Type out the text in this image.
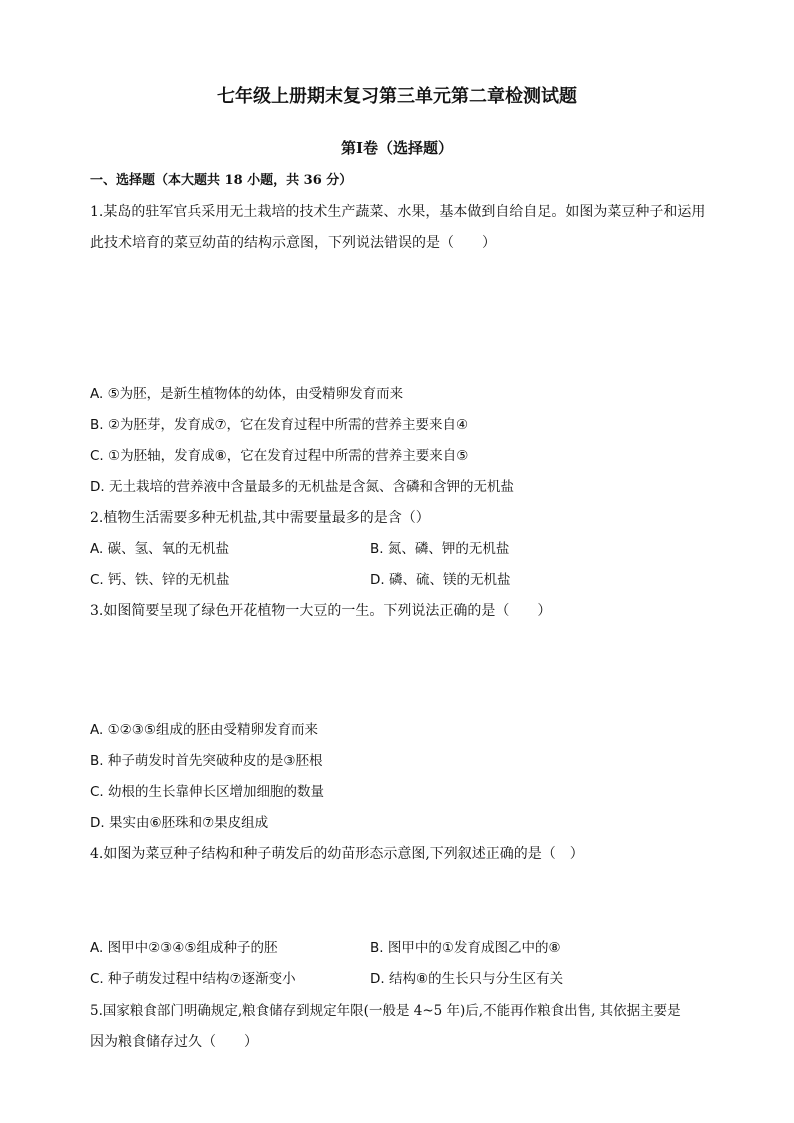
七年级上册期末复习第三单元第二章检测试题
第Ⅰ卷（选择题）
一、选择题（本大题共 18 小题，共 36 分）
1.某岛的驻军官兵采用无土栽培的技术生产蔬菜、水果，基本做到自给自足。如图为菜豆种子和运用
此技术培育的菜豆幼苗的结构示意图，下列说法错误的是（　　）
A. ⑤为胚，是新生植物体的幼体，由受精卵发育而来
B. ②为胚芽，发育成⑦，它在发育过程中所需的营养主要来自④
C. ①为胚轴，发育成⑧，它在发育过程中所需的营养主要来自⑤
D. 无土栽培的营养液中含量最多的无机盐是含氮、含磷和含钾的无机盐
2.植物生活需要多种无机盐,其中需要量最多的是含（）
A. 碳、氢、氧的无机盐	B. 氮、磷、钾的无机盐
C. 钙、铁、锌的无机盐	D. 磷、硫、镁的无机盐
3.如图简要呈现了绿色开花植物一大豆的一生。下列说法正确的是（　　）
A. ①②③⑤组成的胚由受精卵发育而来
B. 种子萌发时首先突破种皮的是③胚根
C. 幼根的生长靠伸长区增加细胞的数量
D. 果实由⑥胚珠和⑦果皮组成
4.如图为菜豆种子结构和种子萌发后的幼苗形态示意图,下列叙述正确的是（　）
A. 图甲中②③④⑤组成种子的胚	B. 图甲中的①发育成图乙中的⑧
C. 种子萌发过程中结构⑦逐渐变小	D. 结构⑧的生长只与分生区有关
5.国家粮食部门明确规定,粮食储存到规定年限(一般是 4~5 年)后,不能再作粮食出售, 其依据主要是
因为粮食储存过久（　　）
